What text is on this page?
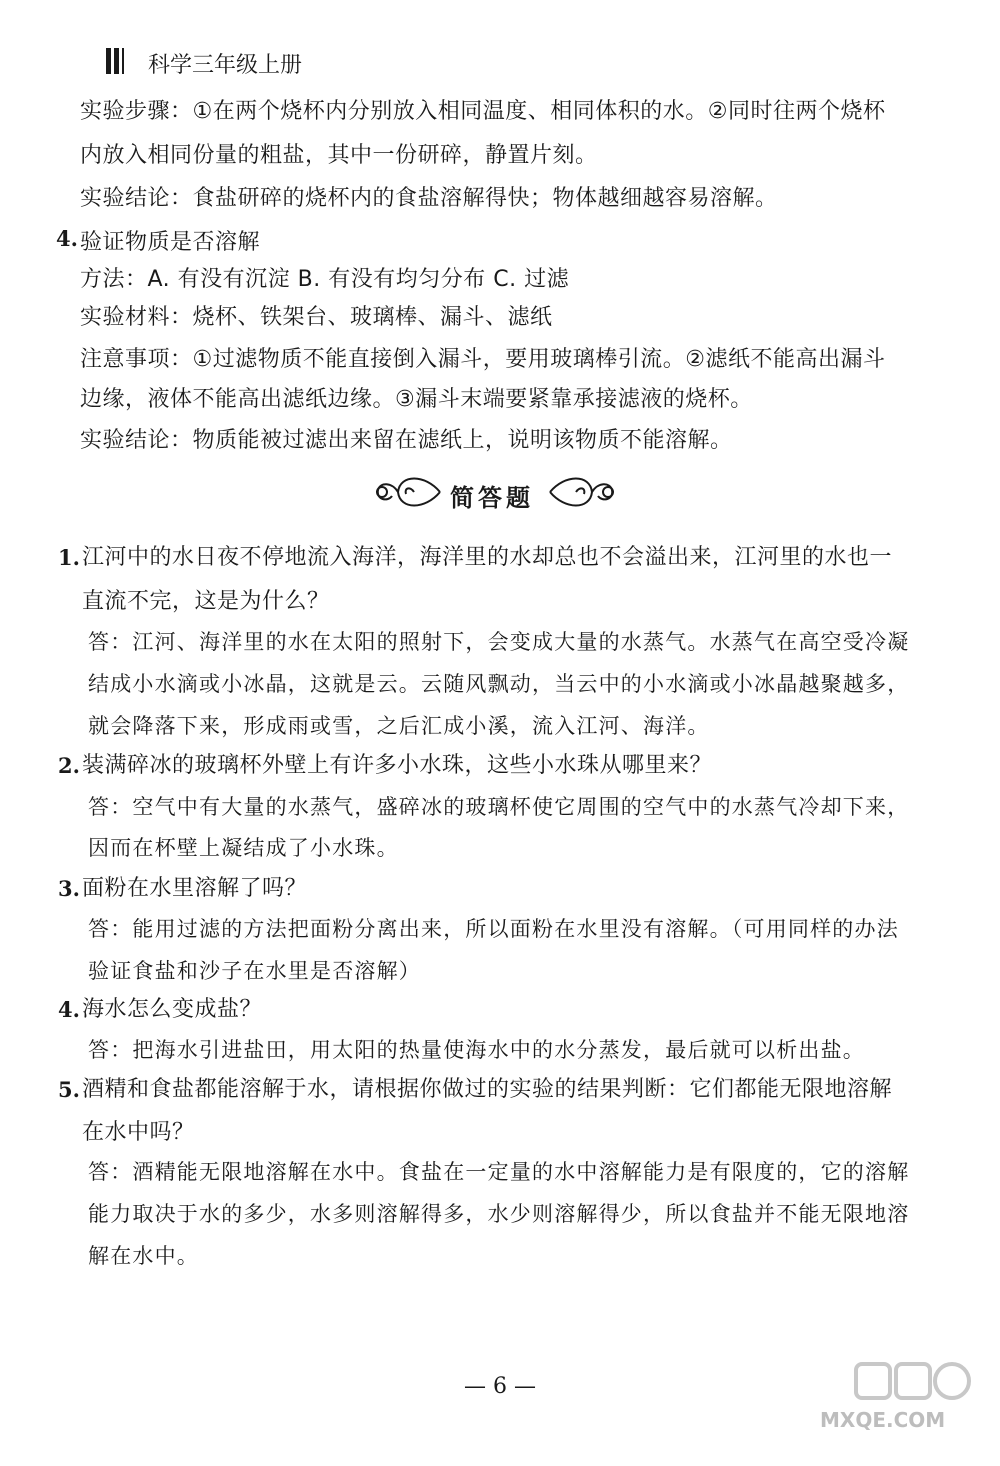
科学三年级上册
实验步骤：①在两个烧杯内分别放入相同温度、相同体积的水。②同时往两个烧杯
内放入相同份量的粗盐，其中一份研碎，静置片刻。
实验结论：食盐研碎的烧杯内的食盐溶解得快；物体越细越容易溶解。
4. 验证物质是否溶解
方法：A. 有没有沉淀 B. 有没有均匀分布 C. 过滤
实验材料：烧杯、铁架台、玻璃棒、漏斗、滤纸
注意事项：①过滤物质不能直接倒入漏斗，要用玻璃棒引流。②滤纸不能高出漏斗
边缘，液体不能高出滤纸边缘。③漏斗末端要紧靠承接滤液的烧杯。
实验结论：物质能被过滤出来留在滤纸上，说明该物质不能溶解。
简答题
1. 江河中的水日夜不停地流入海洋，海洋里的水却总也不会溢出来，江河里的水也一
直流不完，这是为什么？
答：江河、海洋里的水在太阳的照射下，会变成大量的水蒸气。水蒸气在高空受冷凝
结成小水滴或小冰晶，这就是云。云随风飘动，当云中的小水滴或小冰晶越聚越多，
就会降落下来，形成雨或雪，之后汇成小溪，流入江河、海洋。
2. 装满碎冰的玻璃杯外壁上有许多小水珠，这些小水珠从哪里来？
答：空气中有大量的水蒸气，盛碎冰的玻璃杯使它周围的空气中的水蒸气冷却下来，
因而在杯壁上凝结成了小水珠。
3. 面粉在水里溶解了吗？
答：能用过滤的方法把面粉分离出来，所以面粉在水里没有溶解。（可用同样的办法
验证食盐和沙子在水里是否溶解）
4. 海水怎么变成盐？
答：把海水引进盐田，用太阳的热量使海水中的水分蒸发，最后就可以析出盐。
5. 酒精和食盐都能溶解于水，请根据你做过的实验的结果判断：它们都能无限地溶解
在水中吗？
答：酒精能无限地溶解在水中。食盐在一定量的水中溶解能力是有限度的，它的溶解
能力取决于水的多少，水多则溶解得多，水少则溶解得少，所以食盐并不能无限地溶
解在水中。
— 6 —
MXQE.COM
